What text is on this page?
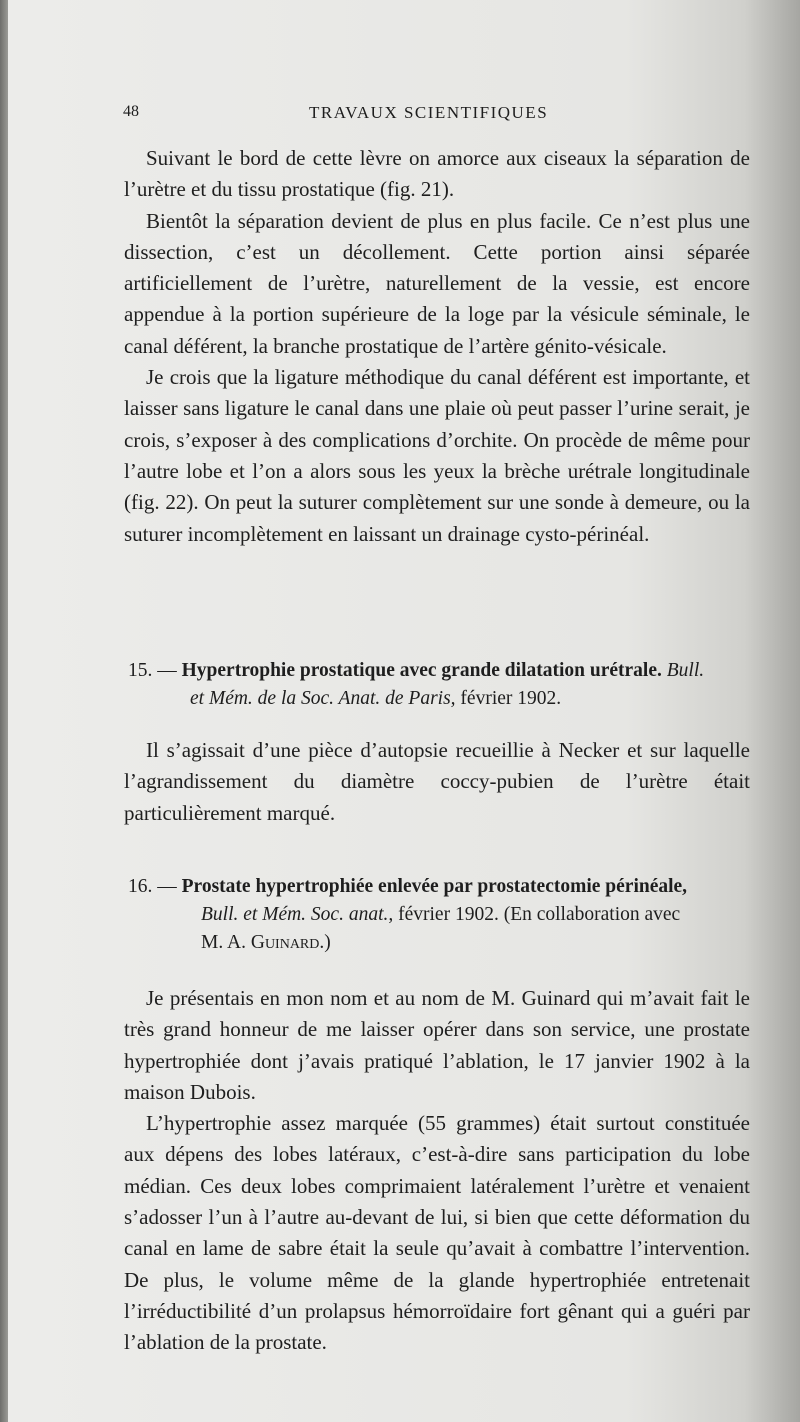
48	TRAVAUX SCIENTIFIQUES

Suivant le bord de cette lèvre on amorce aux ciseaux la séparation de l’urètre et du tissu prostatique (fig. 21).

Bientôt la séparation devient de plus en plus facile. Ce n’est plus une dissection, c’est un décollement. Cette portion ainsi séparée artificiellement de l’urètre, naturellement de la vessie, est encore appendue à la portion supérieure de la loge par la vésicule séminale, le canal déférent, la branche prostatique de l’artère génito-vésicale.

Je crois que la ligature méthodique du canal déférent est importante, et laisser sans ligature le canal dans une plaie où peut passer l’urine serait, je crois, s’exposer à des complications d’orchite. On procède de même pour l’autre lobe et l’on a alors sous les yeux la brèche urétrale longitudinale (fig. 22). On peut la suturer complètement sur une sonde à demeure, ou la suturer incomplètement en laissant un drainage cysto-périnéal.

15. — Hypertrophie prostatique avec grande dilatation urétrale. Bull.
et Mém. de la Soc. Anat. de Paris, février 1902.

Il s’agissait d’une pièce d’autopsie recueillie à Necker et sur laquelle l’agrandissement du diamètre coccy-pubien de l’urètre était particulièrement marqué.

16. — Prostate hypertrophiée enlevée par prostatectomie périnéale,
Bull. et Mém. Soc. anat., février 1902. (En collaboration avec
M. A. Guinard.)

Je présentais en mon nom et au nom de M. Guinard qui m’avait fait le très grand honneur de me laisser opérer dans son service, une prostate hypertrophiée dont j’avais pratiqué l’ablation, le 17 janvier 1902 à la maison Dubois.

L’hypertrophie assez marquée (55 grammes) était surtout constituée aux dépens des lobes latéraux, c’est-à-dire sans participation du lobe médian. Ces deux lobes comprimaient latéralement l’urètre et venaient s’adosser l’un à l’autre au-devant de lui, si bien que cette déformation du canal en lame de sabre était la seule qu’avait à combattre l’intervention. De plus, le volume même de la glande hypertrophiée entretenait l’irréductibilité d’un prolapsus hémorroïdaire fort gênant qui a guéri par l’ablation de la prostate.
